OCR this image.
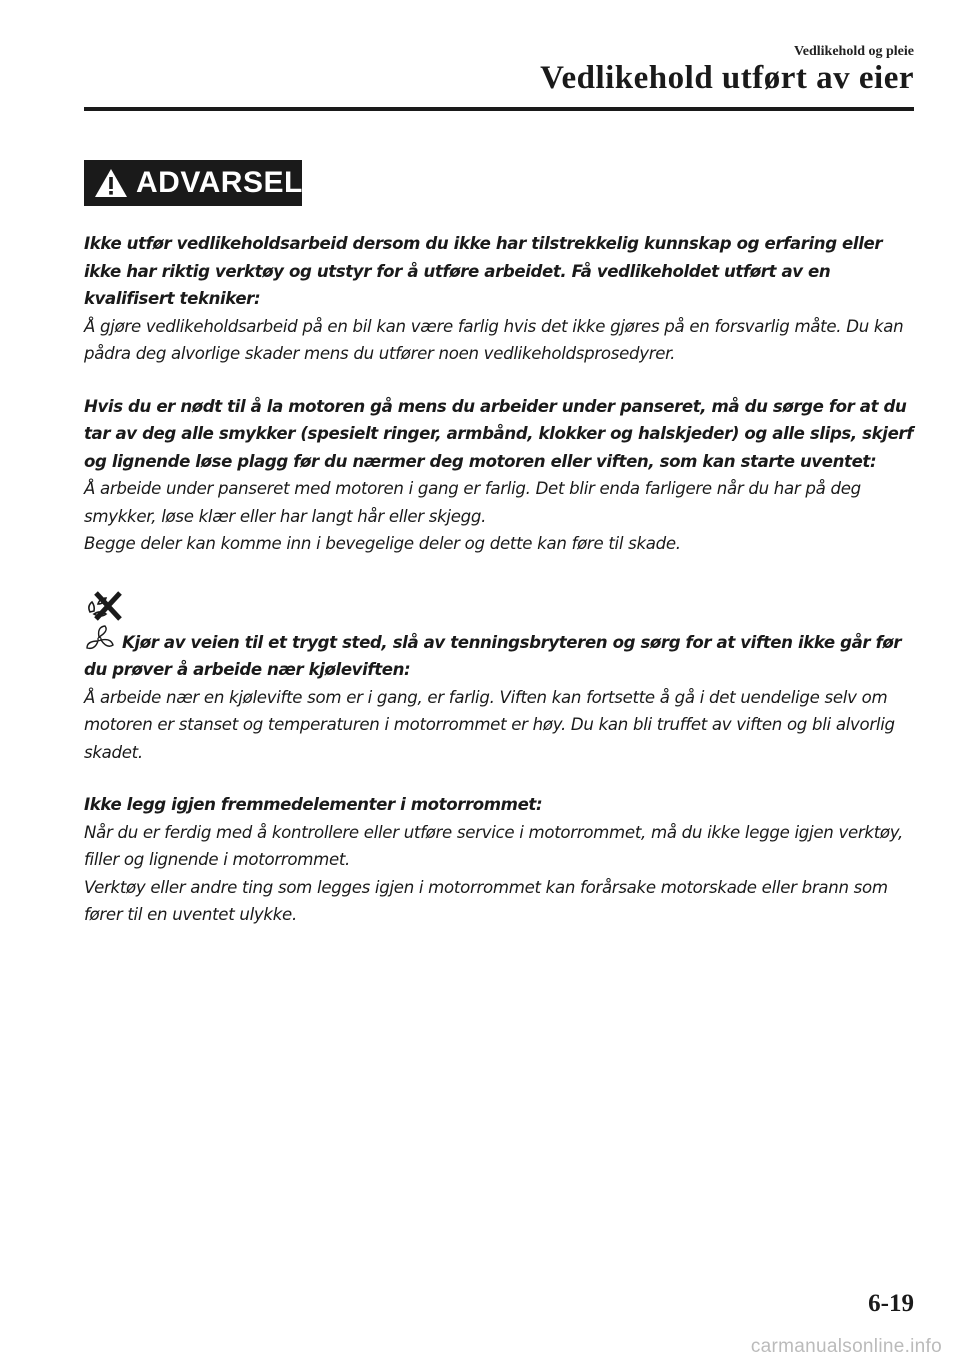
Vedlikehold og pleie
Vedlikehold utført av eier
ADVARSEL
Ikke utfør vedlikeholdsarbeid dersom du ikke har tilstrekkelig kunnskap og erfaring eller ikke har riktig verktøy og utstyr for å utføre arbeidet. Få vedlikeholdet utført av en kvalifisert tekniker:
Å gjøre vedlikeholdsarbeid på en bil kan være farlig hvis det ikke gjøres på en forsvarlig måte. Du kan pådra deg alvorlige skader mens du utfører noen vedlikeholdsprosedyrer.
Hvis du er nødt til å la motoren gå mens du arbeider under panseret, må du sørge for at du tar av deg alle smykker (spesielt ringer, armbånd, klokker og halskjeder) og alle slips, skjerf og lignende løse plagg før du nærmer deg motoren eller viften, som kan starte uventet:
Å arbeide under panseret med motoren i gang er farlig. Det blir enda farligere når du har på deg smykker, løse klær eller har langt hår eller skjegg.
Begge deler kan komme inn i bevegelige deler og dette kan føre til skade.
Kjør av veien til et trygt sted, slå av tenningsbryteren og sørg for at viften ikke går før du prøver å arbeide nær kjøleviften:
Å arbeide nær en kjølevifte som er i gang, er farlig. Viften kan fortsette å gå i det uendelige selv om motoren er stanset og temperaturen i motorrommet er høy. Du kan bli truffet av viften og bli alvorlig skadet.
Ikke legg igjen fremmedelementer i motorrommet:
Når du er ferdig med å kontrollere eller utføre service i motorrommet, må du ikke legge igjen verktøy, filler og lignende i motorrommet.
Verktøy eller andre ting som legges igjen i motorrommet kan forårsake motorskade eller brann som fører til en uventet ulykke.
6-19
carmanualsonline.info
